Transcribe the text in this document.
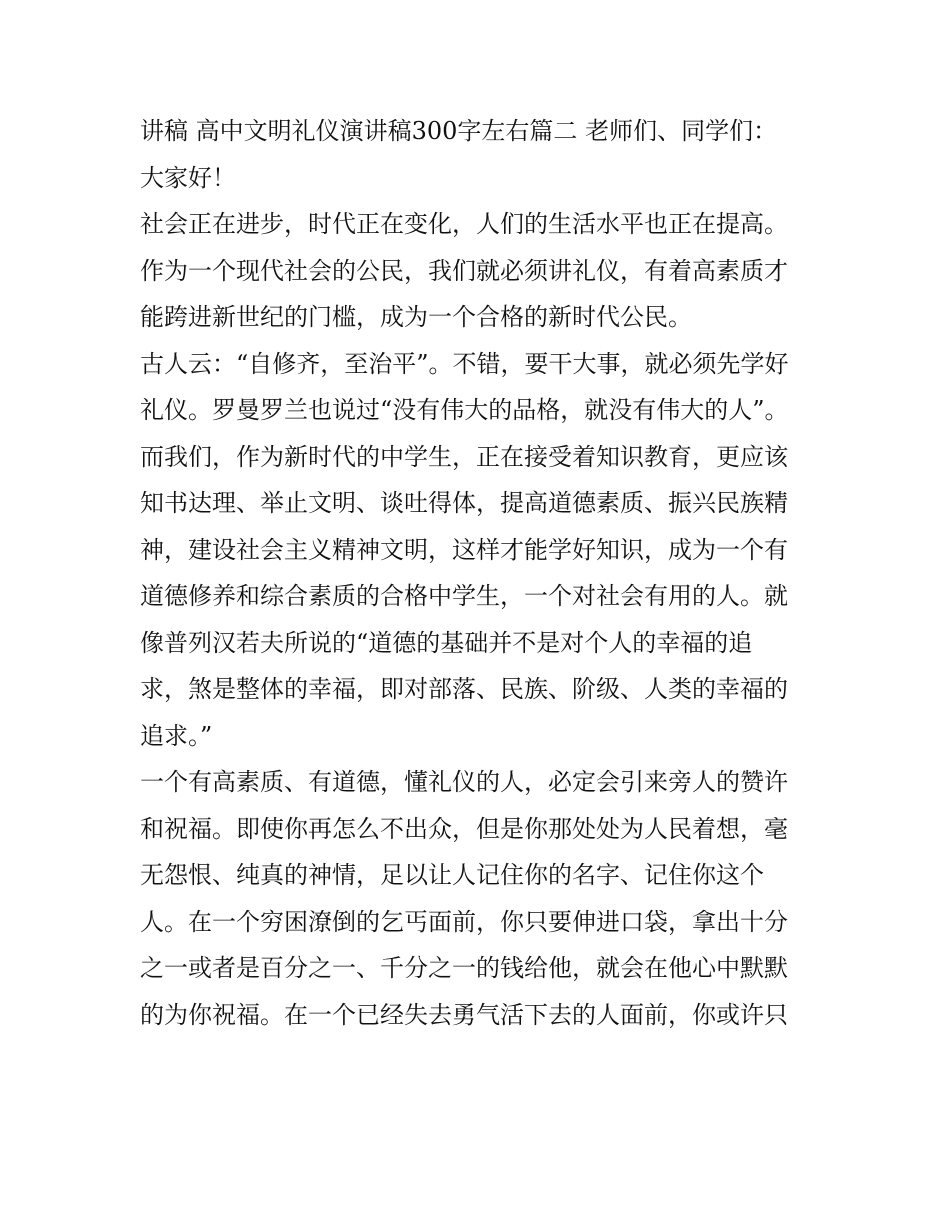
讲稿 高中文明礼仪演讲稿300字左右篇二 老师们、同学们：
大家好！
社会正在进步，时代正在变化，人们的生活水平也正在提高。
作为一个现代社会的公民，我们就必须讲礼仪，有着高素质才
能跨进新世纪的门槛，成为一个合格的新时代公民。
古人云：“自修齐，至治平”。不错，要干大事，就必须先学好
礼仪。罗曼罗兰也说过“没有伟大的品格，就没有伟大的人”。
而我们，作为新时代的中学生，正在接受着知识教育，更应该
知书达理、举止文明、谈吐得体，提高道德素质、振兴民族精
神，建设社会主义精神文明，这样才能学好知识，成为一个有
道德修养和综合素质的合格中学生，一个对社会有用的人。就
像普列汉若夫所说的“道德的基础并不是对个人的幸福的追
求，煞是整体的幸福，即对部落、民族、阶级、人类的幸福的
追求。”
一个有高素质、有道德，懂礼仪的人，必定会引来旁人的赞许
和祝福。即使你再怎么不出众，但是你那处处为人民着想，毫
无怨恨、纯真的神情，足以让人记住你的名字、记住你这个
人。在一个穷困潦倒的乞丐面前，你只要伸进口袋，拿出十分
之一或者是百分之一、千分之一的钱给他，就会在他心中默默
的为你祝福。在一个已经失去勇气活下去的人面前，你或许只
